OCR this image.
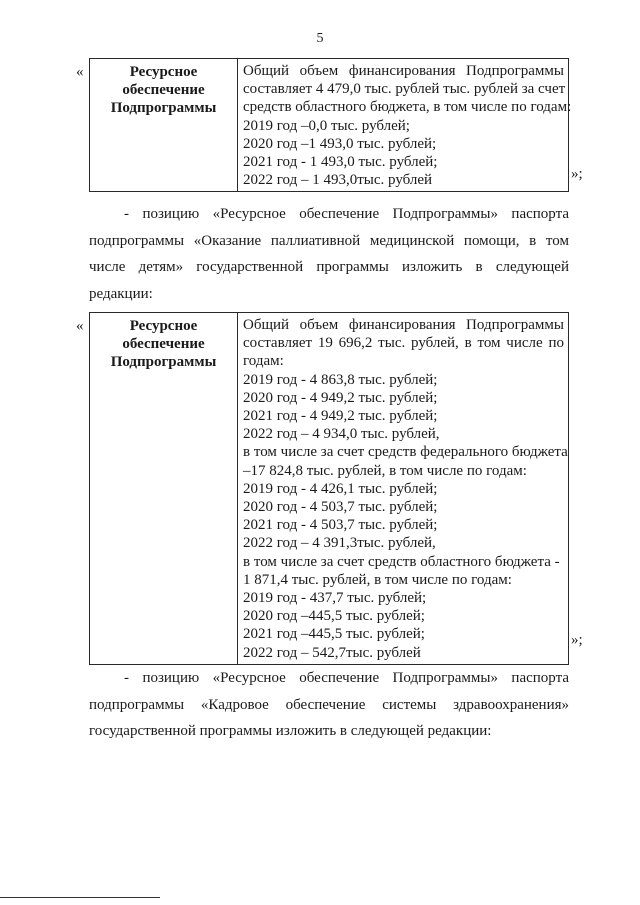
5
«	Ресурсное
обеспечение
Подпрограммы

Общий объем финансирования Подпрограммы
составляет 4 479,0 тыс. рублей тыс. рублей за счет
средств областного бюджета, в том числе по годам:
2019 год –0,0 тыс. рублей;
2020 год –1 493,0 тыс. рублей;
2021 год - 1 493,0 тыс. рублей;
2022 год – 1 493,0тыс. рублей	»;
- позицию «Ресурсное обеспечение Подпрограммы» паспорта
подпрограммы «Оказание паллиативной медицинской помощи, в том
числе детям» государственной программы изложить в следующей
редакции:
«	Ресурсное
обеспечение
Подпрограммы

Общий объем финансирования Подпрограммы
составляет 19 696,2 тыс. рублей, в том числе по
годам:
2019 год - 4 863,8 тыс. рублей;
2020 год - 4 949,2 тыс. рублей;
2021 год - 4 949,2 тыс. рублей;
2022 год – 4 934,0 тыс. рублей,
в том числе за счет средств федерального бюджета
–17 824,8 тыс. рублей, в том числе по годам:
2019 год - 4 426,1 тыс. рублей;
2020 год - 4 503,7 тыс. рублей;
2021 год - 4 503,7 тыс. рублей;
2022 год – 4 391,3тыс. рублей,
в том числе за счет средств областного бюджета -
1 871,4 тыс. рублей, в том числе по годам:
2019 год - 437,7 тыс. рублей;
2020 год –445,5 тыс. рублей;
2021 год –445,5 тыс. рублей;
2022 год – 542,7тыс. рублей
»;
- позицию «Ресурсное обеспечение Подпрограммы» паспорта
подпрограммы «Кадровое обеспечение системы здравоохранения»
государственной программы изложить в следующей редакции:
